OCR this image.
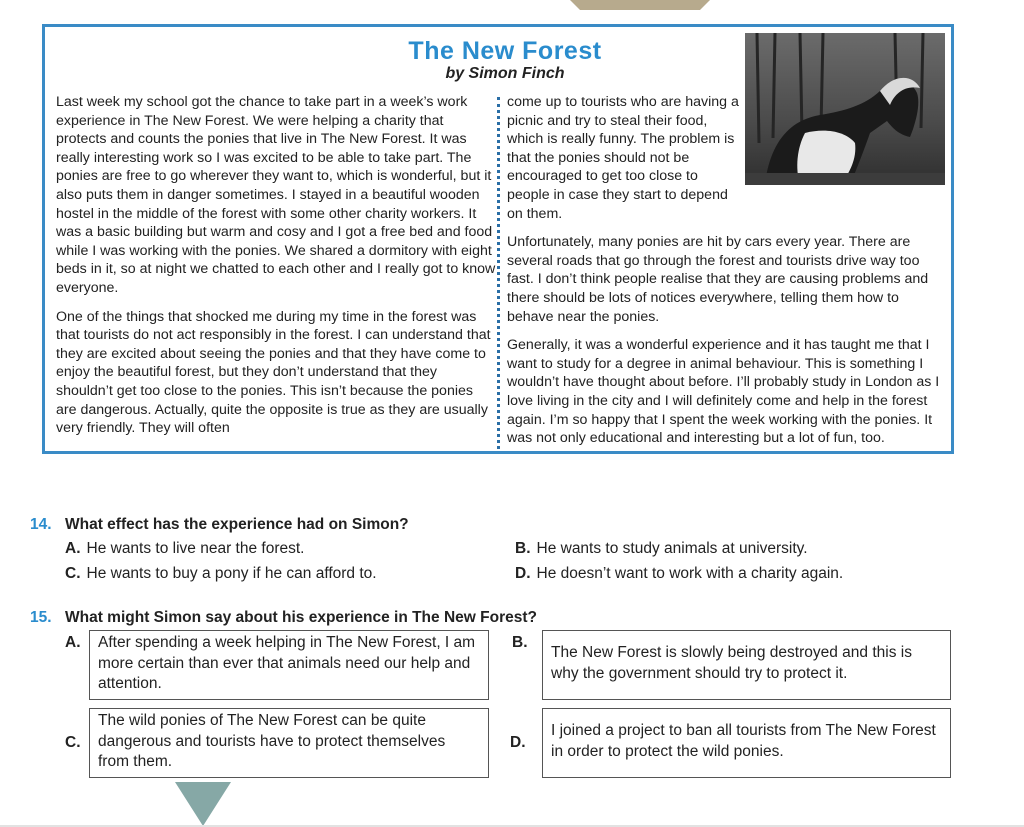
The New Forest
by Simon Finch

Last week my school got the chance to take part in a week’s work experience in The New Forest. We were helping a charity that protects and counts the ponies that live in The New Forest. It was really interesting work so I was excited to be able to take part. The ponies are free to go wherever they want to, which is wonderful, but it also puts them in danger sometimes. I stayed in a beautiful wooden hostel in the middle of the forest with some other charity workers. It was a basic building but warm and cosy and I got a free bed and food while I was working with the ponies. We shared a dormitory with eight beds in it, so at night we chatted to each other and I really got to know everyone.

One of the things that shocked me during my time in the forest was that tourists do not act responsibly in the forest. I can understand that they are excited about seeing the ponies and that they have come to enjoy the beautiful forest, but they don’t understand that they shouldn’t get too close to the ponies. This isn’t because the ponies are dangerous. Actually, quite the opposite is true as they are usually very friendly. They will often

come up to tourists who are having a picnic and try to steal their food, which is really funny. The problem is that the ponies should not be encouraged to get too close to people in case they start to depend on them.

Unfortunately, many ponies are hit by cars every year. There are several roads that go through the forest and tourists drive way too fast. I don’t think people realise that they are causing problems and there should be lots of notices everywhere, telling them how to behave near the ponies.

Generally, it was a wonderful experience and it has taught me that I want to study for a degree in animal behaviour. This is something I wouldn’t have thought about before. I’ll probably study in London as I love living in the city and I will definitely come and help in the forest again. I’m so happy that I spent the week working with the ponies. It was not only educational and interesting but a lot of fun, too.

14. What effect has the experience had on Simon?
A. He wants to live near the forest.	B. He wants to study animals at university.
C. He wants to buy a pony if he can afford to.	D. He doesn’t want to work with a charity again.
15. What might Simon say about his experience in The New Forest?
A.	After spending a week helping in The New Forest, I am more certain than ever that animals need our help and attention.
B.
The New Forest is slowly being destroyed and this is why the government should try to protect it.
C.
The wild ponies of The New Forest can be quite dangerous and tourists have to protect themselves from them.
D.
I joined a project to ban all tourists from The New Forest in order to protect the wild ponies.
